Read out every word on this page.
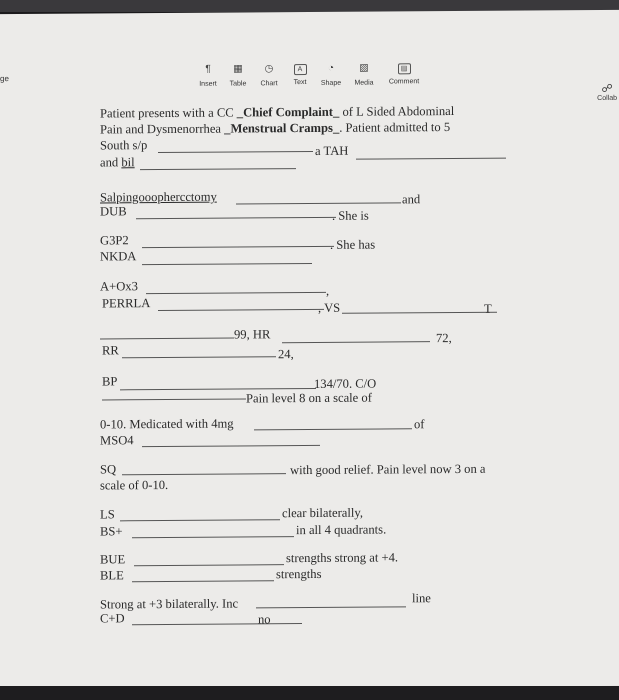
ge
☍
Collab
¶
Insert
▦
Table
◷
Chart
A
Text
◔
Shape
▨
Media
▤
Comment

Patient presents with a CC _Chief Complaint_ of L Sided Abdominal

Pain and Dysmenorrhea _Menstrual Cramps_. Patient admitted to 5

South s/p	a TAH

and bil

Salpingooophercctomy	and

DUB	. She is

G3P2	. She has

NKDA

A+Ox3	,

PERRLA	, VS	T

99, HR	72,

RR	24,

BP	134/70. C/O

Pain level 8 on a scale of

0-10. Medicated with 4mg	of

MSO4

SQ	with good relief. Pain level now 3 on a

scale of 0-10.

LS	clear bilaterally,

BS+	in all 4 quadrants.

BUE	strengths strong at +4.

BLE	strengths

Strong at +3 bilaterally. Inc	line

C+D	no
